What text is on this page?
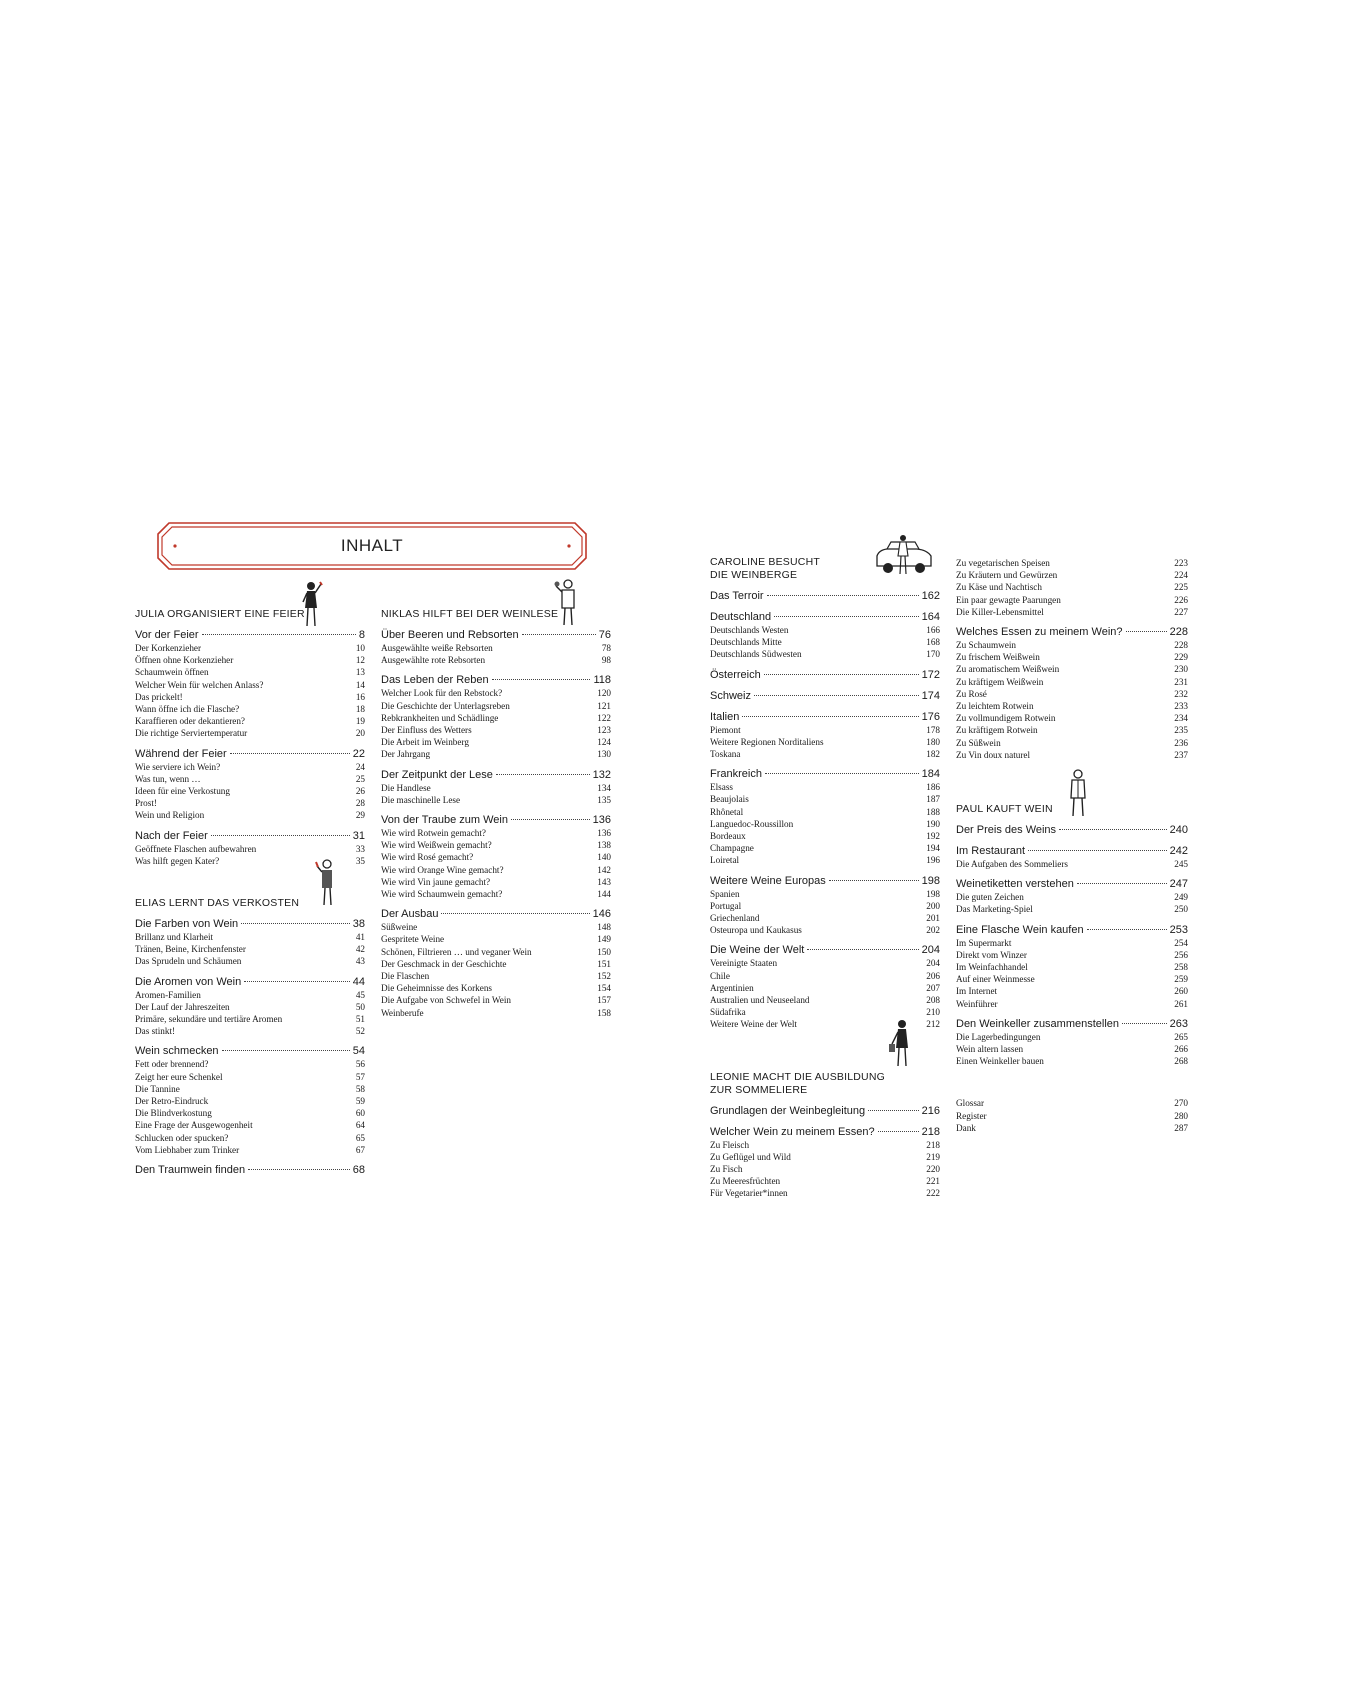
INHALT
JULIA ORGANISIERT EINE FEIER
Vor der Feier	8
Der Korkenzieher	10
Öffnen ohne Korkenzieher	12
Schaumwein öffnen	13
Welcher Wein für welchen Anlass?	14
Das prickelt!	16
Wann öffne ich die Flasche?	18
Karaffieren oder dekantieren?	19
Die richtige Serviertemperatur	20
Während der Feier	22
Wie serviere ich Wein?	24
Was tun, wenn …	25
Ideen für eine Verkostung	26
Prost!	28
Wein und Religion	29
Nach der Feier	31
Geöffnete Flaschen aufbewahren	33
Was hilft gegen Kater?	35
ELIAS LERNT DAS VERKOSTEN
Die Farben von Wein	38
Brillanz und Klarheit	41
Tränen, Beine, Kirchenfenster	42
Das Sprudeln und Schäumen	43
Die Aromen von Wein	44
Aromen-Familien	45
Der Lauf der Jahreszeiten	50
Primäre, sekundäre und tertiäre Aromen	51
Das stinkt!	52
Wein schmecken	54
Fett oder brennend?	56
Zeigt her eure Schenkel	57
Die Tannine	58
Der Retro-Eindruck	59
Die Blindverkostung	60
Eine Frage der Ausgewogenheit	64
Schlucken oder spucken?	65
Vom Liebhaber zum Trinker	67
Den Traumwein finden	68
NIKLAS HILFT BEI DER WEINLESE
Über Beeren und Rebsorten	76
Ausgewählte weiße Rebsorten	78
Ausgewählte rote Rebsorten	98
Das Leben der Reben	118
Welcher Look für den Rebstock?	120
Die Geschichte der Unterlagsreben	121
Rebkrankheiten und Schädlinge	122
Der Einfluss des Wetters	123
Die Arbeit im Weinberg	124
Der Jahrgang	130
Der Zeitpunkt der Lese	132
Die Handlese	134
Die maschinelle Lese	135
Von der Traube zum Wein	136
Wie wird Rotwein gemacht?	136
Wie wird Weißwein gemacht?	138
Wie wird Rosé gemacht?	140
Wie wird Orange Wine gemacht?	142
Wie wird Vin jaune gemacht?	143
Wie wird Schaumwein gemacht?	144
Der Ausbau	146
Süßweine	148
Gespritete Weine	149
Schönen, Filtrieren … und veganer Wein	150
Der Geschmack in der Geschichte	151
Die Flaschen	152
Die Geheimnisse des Korkens	154
Die Aufgabe von Schwefel in Wein	157
Weinberufe	158
CAROLINE BESUCHT
DIE WEINBERGE
Das Terroir	162
Deutschland	164
Deutschlands Westen	166
Deutschlands Mitte	168
Deutschlands Südwesten	170
Österreich	172
Schweiz	174
Italien	176
Piemont	178
Weitere Regionen Norditaliens	180
Toskana	182
Frankreich	184
Elsass	186
Beaujolais	187
Rhônetal	188
Languedoc-Roussillon	190
Bordeaux	192
Champagne	194
Loiretal	196
Weitere Weine Europas	198
Spanien	198
Portugal	200
Griechenland	201
Osteuropa und Kaukasus	202
Die Weine der Welt	204
Vereinigte Staaten	204
Chile	206
Argentinien	207
Australien und Neuseeland	208
Südafrika	210
Weitere Weine der Welt	212
LEONIE MACHT DIE AUSBILDUNG
ZUR SOMMELIERE
Grundlagen der Weinbegleitung	216
Welcher Wein zu meinem Essen?	218
Zu Fleisch	218
Zu Geflügel und Wild	219
Zu Fisch	220
Zu Meeresfrüchten	221
Für Vegetarier*innen	222
Zu vegetarischen Speisen	223
Zu Kräutern und Gewürzen	224
Zu Käse und Nachtisch	225
Ein paar gewagte Paarungen	226
Die Killer-Lebensmittel	227
Welches Essen zu meinem Wein?	228
Zu Schaumwein	228
Zu frischem Weißwein	229
Zu aromatischem Weißwein	230
Zu kräftigem Weißwein	231
Zu Rosé	232
Zu leichtem Rotwein	233
Zu vollmundigem Rotwein	234
Zu kräftigem Rotwein	235
Zu Süßwein	236
Zu Vin doux naturel	237
PAUL KAUFT WEIN
Der Preis des Weins	240
Im Restaurant	242
Die Aufgaben des Sommeliers	245
Weinetiketten verstehen	247
Die guten Zeichen	249
Das Marketing-Spiel	250
Eine Flasche Wein kaufen	253
Im Supermarkt	254
Direkt vom Winzer	256
Im Weinfachhandel	258
Auf einer Weinmesse	259
Im Internet	260
Weinführer	261
Den Weinkeller zusammenstellen	263
Die Lagerbedingungen	265
Wein altern lassen	266
Einen Weinkeller bauen	268
Glossar	270
Register	280
Dank	287
